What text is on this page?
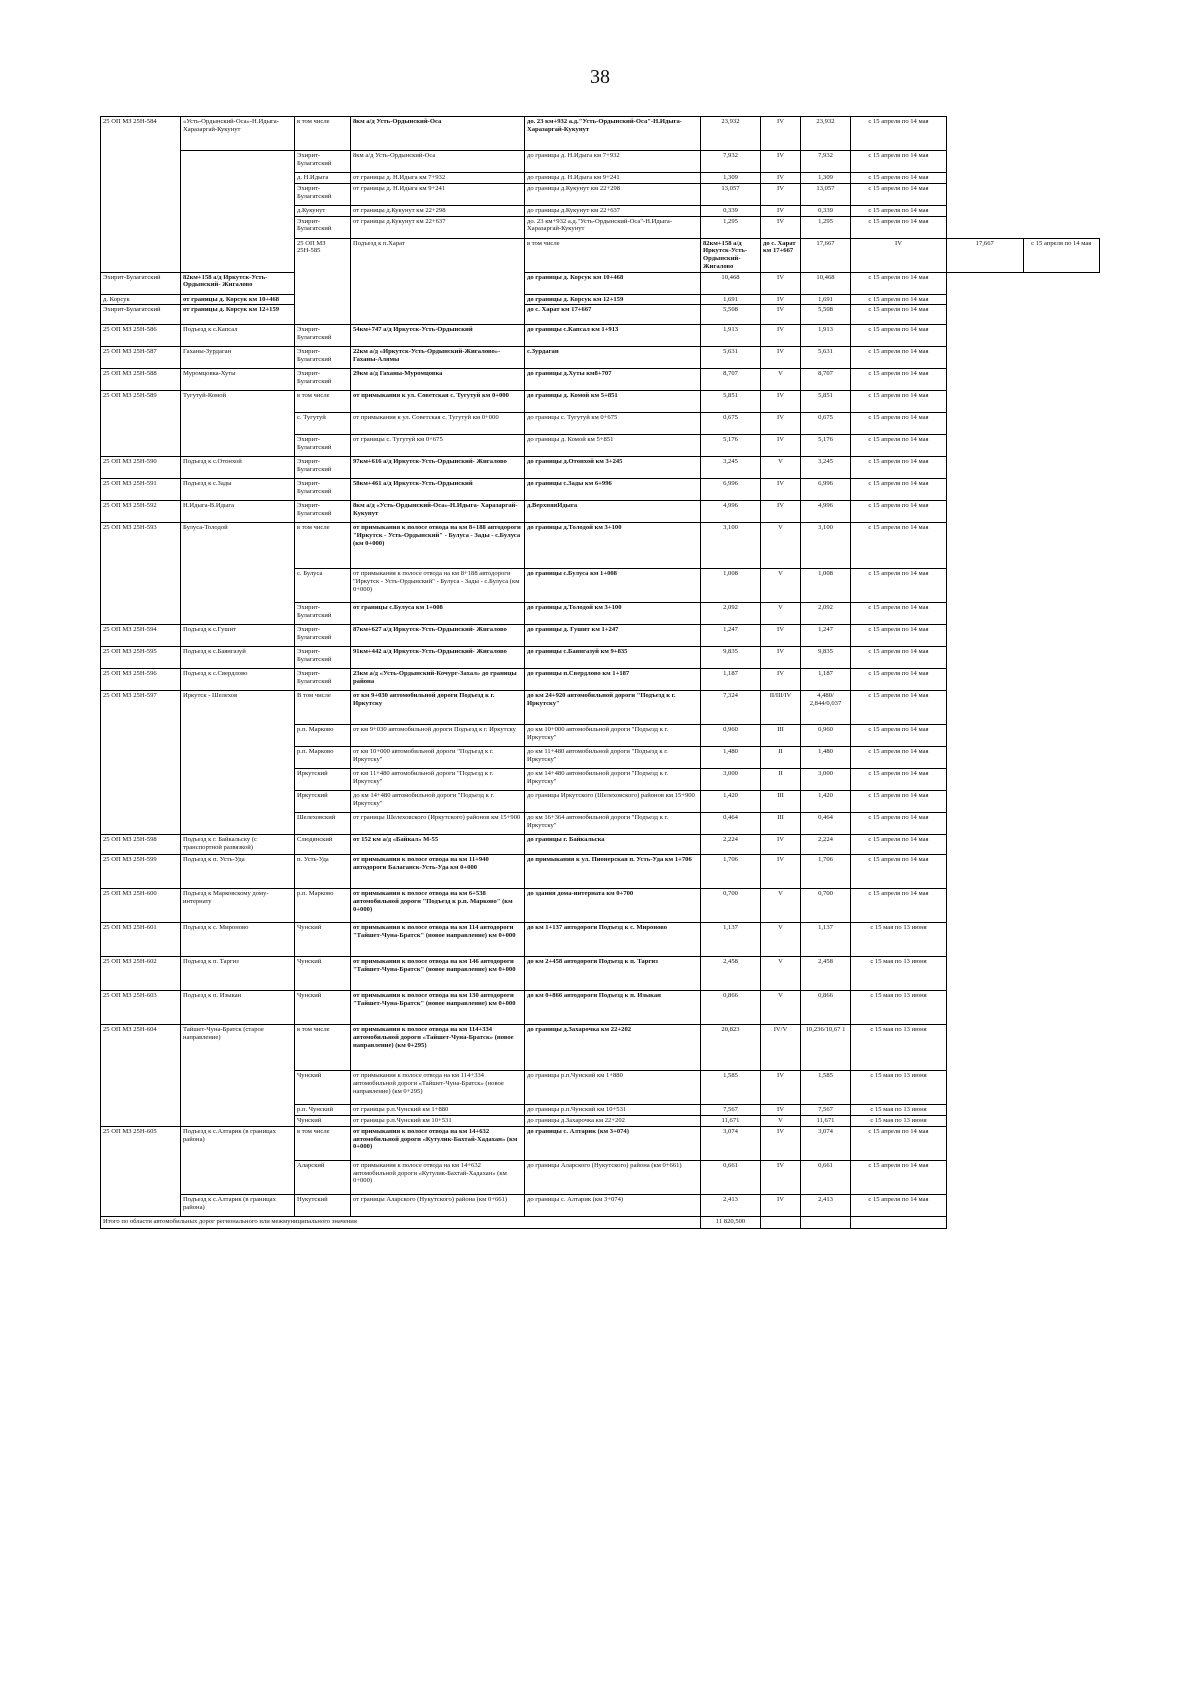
38
25 ОП МЗ 25Н-584	«Усть-Ордынский-Оса»-Н.Идыга-Харазаргай-Кукунут	в том числе	8км а/д Усть-Ордынский-Оса	до. 23 км+932 а.д."Усть-Ордынский-Оса"-Н.Идыга-Харазаргай-Кукунут	23,932	IV	23,932	с 15 апреля по 14 мая		
		Эхирит-Булагатский	8км а/д Усть-Ордынский-Оса	до границы д. Н.Идыга км 7+932	7,932	IV	7,932	с 15 апреля по 14 мая		
		д. Н.Идыга	от границы д. Н.Идыга км 7+932	до границы д. Н.Идыга км 9+241	1,309	IV	1,309	с 15 апреля по 14 мая		
		Эхирит-Булагатский	от границы д. Н.Идыга км 9+241	до границы д.Кукунут км 22+298	13,057	IV	13,057	с 15 апреля по 14 мая		
		д.Кукунут	от границы д.Кукунут км 22+298	до границы д.Кукунут км 22+637	0,339	IV	0,339	с 15 апреля по 14 мая		
		Эхирит-Булагатский	от границы д.Кукунут км 22+637	до. 23 км+932 а.д."Усть-Ордынский-Оса"-Н.Идыга-Харазаргай-Кукунут	1,295	IV	1,295	с 15 апреля по 14 мая		
		25 ОП МЗ 25Н-585	Подъезд к п.Харат	в том числе	82км+158 а/д Иркутск-Усть-Ордынский-Жигалово	до с. Харат км 17+667	17,667	IV	17,667	с 15 апреля по 14 мая
Эхирит-Булагатский	82км+158 а/д Иркутск-Усть-Ордынский- Жигалово			до границы д. Корсук км 10+468	10,468	IV	10,468	с 15 апреля по 14 мая		
д. Корсук	от границы д. Корсук км 10+468			до границы д. Корсук км 12+159	1,691	IV	1,691	с 15 апреля по 14 мая		
Эхирит-Булагатский	от границы д. Корсук км 12+159			до с. Харат км 17+667	5,508	IV	5,508	с 15 апреля по 14 мая		
25 ОП МЗ 25Н-586	Подъезд к с.Капсал	Эхирит-Булагатский	54км+747 а/д Иркутск-Усть-Ордынский	до границы с.Капсал км 1+913	1,913	IV	1,913	с 15 апреля по 14 мая		
25 ОП МЗ 25Н-587	Гаханы-Зурдаган	Эхирит-Булагатский	22км а/д «Иркутск-Усть-Ордынский-Жигалово»-Гаханы-Алямы	с.Зурдаган	5,631	IV	5,631	с 15 апреля по 14 мая		
25 ОП МЗ 25Н-588	Муромцовка-Хуты	Эхирит-Булагатский	29км а/д Гаханы-Муромцовка	до границы д.Хуты км8+707	8,707	V	8,707	с 15 апреля по 14 мая		
25 ОП МЗ 25Н-589	Тугутуй-Комой	в том числе	от примыкания к ул. Советская с. Тугутуй км 0+000	до границы д. Комой км 5+851	5,851	IV	5,851	с 15 апреля по 14 мая		
		с. Тугутуй	от примыкания к ул. Советская с. Тугутуй км 0+000	до границы с. Тугутуй км 0+675	0,675	IV	0,675	с 15 апреля по 14 мая		
		Эхирит-Булагатский	от границы с. Тугутуй км 0+675	до границы д. Комой км 5+851	5,176	IV	5,176	с 15 апреля по 14 мая		
25 ОП МЗ 25Н-590	Подъезд к с.Отонхой	Эхирит-Булагатский	97км+616 а/д Иркутск-Усть-Ордынский- Жигалово	до границы д.Отонхой км 3+245	3,245	V	3,245	с 15 апреля по 14 мая		
25 ОП МЗ 25Н-591	Подъезд к с.Зады	Эхирит-Булагатский	58км+461 а/д Иркутск-Усть-Ордынский	до границы с.Зады км 6+996	6,996	IV	6,996	с 15 апреля по 14 мая		
25 ОП МЗ 25Н-592	Н.Идыга-В.Идыга	Эхирит-Булагатский	8км а/д «Усть-Ордынский-Оса»-Н.Идыга- Харазаргай-Кукунут	д.ВерхняяИдыга	4,996	IV	4,996	с 15 апреля по 14 мая		
25 ОП МЗ 25Н-593	Булуса-Толодой	в том числе	от примыкания к полосе отвода на км 8+188 автодороги "Иркутск - Усть-Ордынский" - Булуса - Зады - с.Булуса (км 0+000)	до границы д.Толодой км 3+100	3,100	V	3,100	с 15 апреля по 14 мая		
		с. Булуса	от примыкания к полосе отвода на км 8+188 автодороги "Иркутск - Усть-Ордынский" - Булуса - Зады - с.Булуса (км 0+000)	до границы с.Булуса км 1+008	1,008	V	1,008	с 15 апреля по 14 мая		
		Эхирит-Булагатский	от границы с.Булуса км 1+008	до границы д.Толодой км 3+100	2,092	V	2,092	с 15 апреля по 14 мая		
25 ОП МЗ 25Н-594	Подъезд к с.Гушит	Эхирит-Булагатский	87км+627 а/д Иркутск-Усть-Ордынский- Жигалово	до границы д. Гушит км 1+247	1,247	IV	1,247	с 15 апреля по 14 мая		
25 ОП МЗ 25Н-595	Подъезд к с.Баянгазуй	Эхирит-Булагатский	91км+442 а/д Иркутск-Усть-Ордынский- Жигалово	до границы с.Баянгазуй км 9+835	9,835	IV	9,835	с 15 апреля по 14 мая		
25 ОП МЗ 25Н-596	Подъезд к с.Свердлово	Эхирит-Булагатский	23км а/д «Усть-Ордынский-Кочург-Захал» до границы района	до границы п.Свердлово км 1+187	1,187	IV	1,187	с 15 апреля по 14 мая		
25 ОП МЗ 25Н-597	Иркутск - Шелехов	В том числе	от км 9+030 автомобильной дороги Подъезд к г. Иркутску	до км 24+920 автомобильной дороги "Подъезд к г. Иркутску"	7,324	II/III/IV	4,480/ 2,844/0,037	с 15 апреля по 14 мая		
		р.п. Марково	от км 9+030 автомобильной дороги Подъезд к г. Иркутску	до км 10+000 автомобильной дороги "Подъезд к г. Иркутску"	0,960	III	0,960	с 15 апреля по 14 мая		
		р.п. Марково	от км 10+000 автомобильной дороги "Подъезд к г. Иркутску"	до км 11+480 автомобильной дороги "Подъезд к г. Иркутску"	1,480	II	1,480	с 15 апреля по 14 мая		
		Иркутский	от км 11+480 автомобильной дороги "Подъезд к г. Иркутску"	до км 14+480 автомобильной дороги "Подъезд к г. Иркутску"	3,000	II	3,000	с 15 апреля по 14 мая		
		Иркутский	до км 14+480 автомобильной дороги "Подъезд к г. Иркутску"	до границы Иркутского (Шелеховского) районов км 15+900	1,420	III	1,420	с 15 апреля по 14 мая		
		Шелеховский	от границы Шелеховского (Иркутского) районов км 15+900	до км 16+364 автомобильной дороги "Подъезд к г. Иркутску"	0,464	III	0,464	с 15 апреля по 14 мая		
25 ОП МЗ 25Н-598	Подъезд к г. Байкальску (с транспортной развязкой)	Слюдянский	от 152 км а/д «Байкал» М-55	до границы г. Байкальска	2,224	IV	2,224	с 15 апреля по 14 мая		
25 ОП МЗ 25Н-599	Подъезд к п. Усть-Уда	п. Усть-Уда	от примыкания к полосе отвода на км 11+940 автодороги Балаганск-Усть-Уда км 0+000	до примыкания к ул. Пионерская п. Усть-Уда км 1+706	1,706	IV	1,706	с 15 апреля по 14 мая		
25 ОП МЗ 25Н-600	Подъезд к Марковскому дому-интернату	р.п. Марково	от примыкания к полосе отвода на км 6+538 автомобильной дороги "Подъезд к р.п. Марково" (км 0+000)	до здания дома-интерната км 0+700	0,700	V	0,700	с 15 апреля по 14 мая		
25 ОП МЗ 25Н-601	Подъезд к с. Мироново	Чунский	от примыкания к полосе отвода на км 114 автодороги "Тайшет-Чуна-Братск" (новое направление) км 0+000	до км 1+137 автодороги Подъезд к с. Мироново	1,137	V	1,137	с 15 мая по 13 июня		
25 ОП МЗ 25Н-602	Подъезд к п. Таргиз	Чунский	от примыкания к полосе отвода на км 146 автодороги "Тайшет-Чуна-Братск" (новое направление) км 0+000	до км 2+458 автодороги Подъезд к п. Таргиз	2,458	V	2,458	с 15 мая по 13 июня		
25 ОП МЗ 25Н-603	Подъезд к п. Изыкан	Чунский	от примыкания к полосе отвода на км 130 автодороги "Тайшет-Чуна-Братск" (новое направление) км 0+000	до км 0+866 автодороги Подъезд к п. Изыкан	0,866	V	0,866	с 15 мая по 13 июня		
25 ОП МЗ 25Н-604	Тайшет-Чуна-Братск (старое направление)	в том числе	от примыкания к полосе отвода на км 114+334 автомобильной дороги «Тайшет-Чуна-Братск» (новое направление) (км 0+295)	до границы д.Захарочка км 22+202	20,823	IV/V	10,236/10,67 1	с 15 мая по 13 июня		
		Чунский	от примыкания к полосе отвода на км 114+334 автомобильной дороги «Тайшет-Чуна-Братск» (новое направление) (км 0+295)	до границы р.п.Чунский км 1+880	1,585	IV	1,585	с 15 мая по 13 июня		
		р.п. Чунский	от границы р.п.Чунский км 1+880	до границы р.п.Чунский км 10+531	7,567	IV	7,567	с 15 мая по 13 июня		
		Чунский	от границы р.п.Чунский км 10+531	до границы д.Захарочка км 22+202	11,671	V	11,671	с 15 мая по 13 июня		
25 ОП МЗ 25Н-605	Подъезд к с.Алтарик (в границах района)	в том числе	от примыкания к полосе отвода на км 14+632 автомобильной дороги «Кутулик-Бахтай-Хадахан» (км 0+000)	до границы с. Алтарик (км 3+074)	3,074	IV	3,074	с 15 апреля по 14 мая		
		Аларский	от примыкания к полосе отвода на км 14+632 автомобильной дороги «Кутулик-Бахтай-Хадахан» (км 0+000)	до границы Аларского (Нукутского) района (км 0+661)	0,661	IV	0,661	с 15 апреля по 14 мая		
	Подъезд к с.Алтарик (в границах района)	Нукутский	от границы Аларского (Нукутского) района (км 0+661)	до границы с. Алтарик (км 3+074)	2,413	IV	2,413	с 15 апреля по 14 мая		
Итого по области автомобильных дорог регионального или межмуниципального значения					11 820,500					
